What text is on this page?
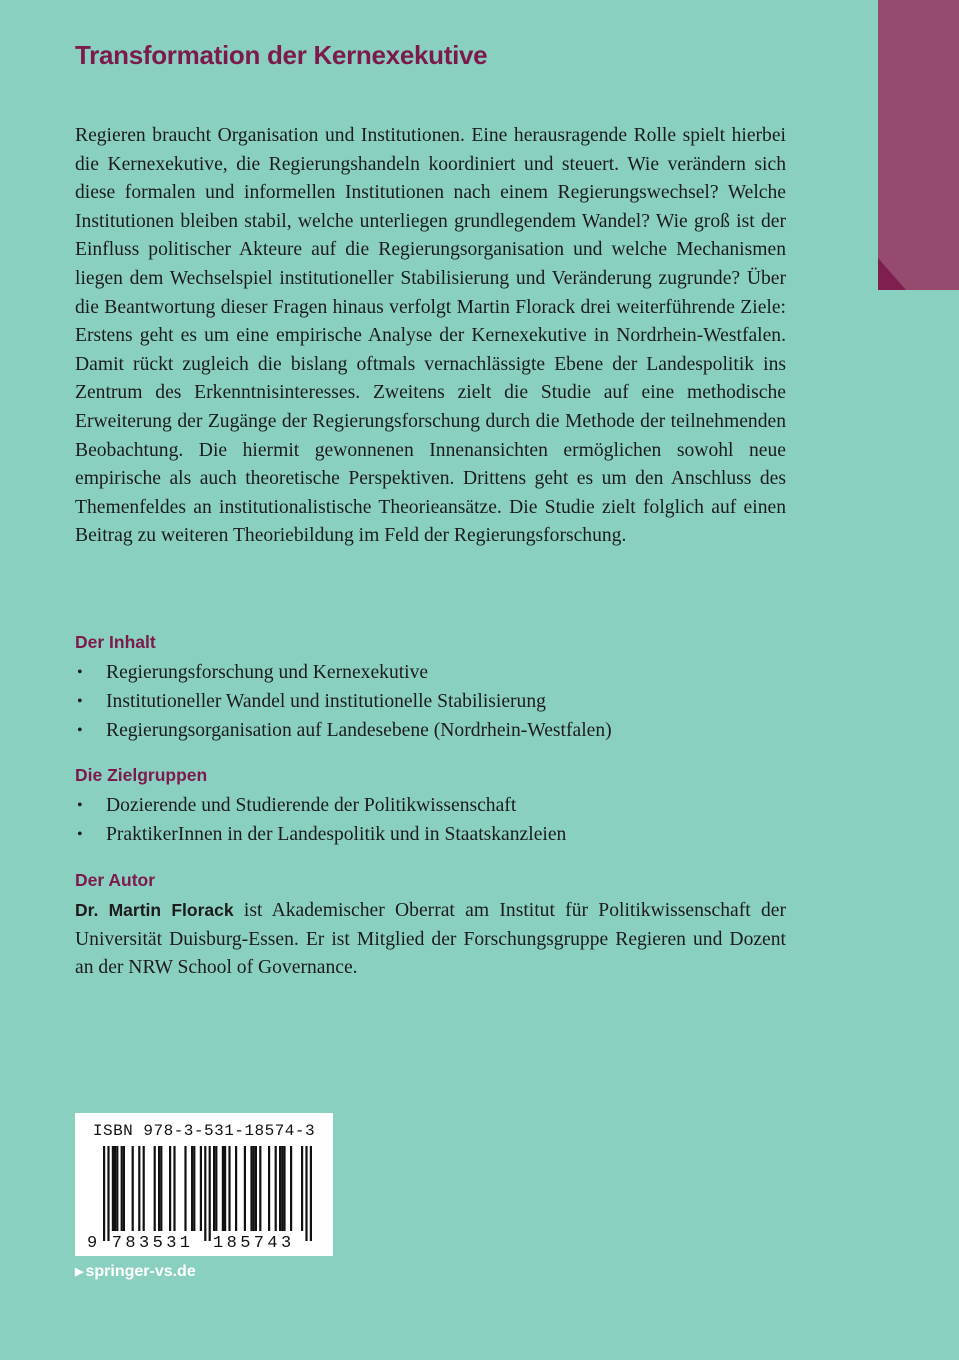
Transformation der Kernexekutive

Regieren braucht Organisation und Institutionen. Eine herausragende Rolle spielt hierbei die Kernexekutive, die Regierungshandeln koordiniert und steuert. Wie verändern sich diese formalen und informellen Institutionen nach einem Regierungswechsel? Welche Institutionen bleiben stabil, welche unterliegen grundlegendem Wandel? Wie groß ist der Einfluss politischer Akteure auf die Regierungsorganisation und welche Mechanismen liegen dem Wechselspiel institutioneller Stabilisierung und Veränderung zugrunde? Über die Beantwortung dieser Fragen hinaus verfolgt Martin Florack drei weiterführende Ziele: Erstens geht es um eine empirische Analyse der Kernexekutive in Nordrhein-Westfalen. Damit rückt zugleich die bislang oftmals vernachlässigte Ebene der Landespolitik ins Zentrum des Erkenntnisinteresses. Zweitens zielt die Studie auf eine methodische Erweiterung der Zugänge der Regierungsforschung durch die Methode der teilnehmenden Beobachtung. Die hiermit gewonnenen Innenansichten ermöglichen sowohl neue empirische als auch theoretische Perspektiven. Drittens geht es um den Anschluss des Themenfeldes an institutionalistische Theorieansätze. Die Studie zielt folglich auf einen Beitrag zu weiteren Theoriebildung im Feld der Regierungsforschung.

Der Inhalt
• Regierungsforschung und Kernexekutive
• Institutioneller Wandel und institutionelle Stabilisierung
• Regierungsorganisation auf Landesebene (Nordrhein-Westfalen)
Die Zielgruppen
• Dozierende und Studierende der Politikwissenschaft
• PraktikerInnen in der Landespolitik und in Staatskanzleien
Der Autor

Dr. Martin Florack ist Akademischer Oberrat am Institut für Politikwissenschaft der Universität Duisburg-Essen. Er ist Mitglied der Forschungsgruppe Regieren und Dozent an der NRW School of Governance.

9 7 8 3 5 3 1 1 8 5 7 4 3
ISBN 978-3-531-18574-3
▶ springer-vs.de
